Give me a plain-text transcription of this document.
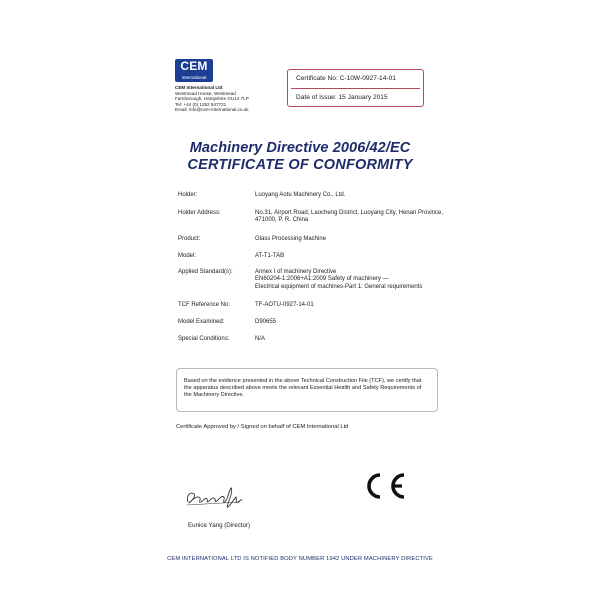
CEM
International
CEM International Ltd
Westmead House, Westmead
Farnborough, Hampshire GU14 7LP
Tel: +44 (0) 1252 547721
Email: info@cem-international.co.uk
Certificate No: C-10W-0927-14-01
Date of Issue: 15 January 2015
Machinery Directive 2006/42/EC
CERTIFICATE OF CONFORMITY
Holder:	Luoyang Aotu Machinery Co., Ltd.
Holder Address:	No.31, Airport Road, Laocheng District, Luoyang City, Henan Province,
471000, P. R. China
Product:	Glass Processing Machine
Model:	AT-T1-TAB
Applied Standard(s):	Annex I of machinery Directive
EN60204-1:2006+A1:2009 Safety of machinery —
Electrical equipment of machines-Part 1: General requirements
TCF Reference No:	TF-AOTU-0927-14-01
Model Examined:	D90655
Special Conditions:	N/A
Based on the evidence presented in the above Technical Construction File (TCF), we certify that
the apparatus described above meets the relevant Essential Health and Safety Requirements of
the Machinery Directive.
Certificate Approved by / Signed on behalf of CEM International Ltd
Eunice Yang (Director)
CEM INTERNATIONAL LTD IS NOTIFIED BODY NUMBER 1942 UNDER MACHINERY DIRECTIVE
